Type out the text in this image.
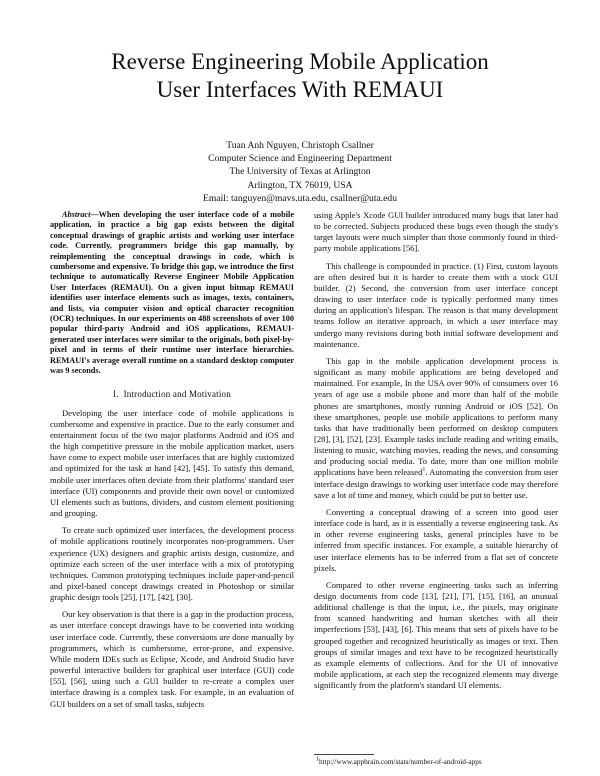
Reverse Engineering Mobile Application
User Interfaces With REMAUI
Tuan Anh Nguyen, Christoph Csallner
Computer Science and Engineering Department
The University of Texas at Arlington
Arlington, TX 76019, USA
Email: tanguyen@mavs.uta.edu, csallner@uta.edu

Abstract—When developing the user interface code of a mobile application, in practice a big gap exists between the digital conceptual drawings of graphic artists and working user interface code. Currently, programmers bridge this gap manually, by reimplementing the conceptual drawings in code, which is cumbersome and expensive. To bridge this gap, we introduce the first technique to automatically Reverse Engineer Mobile Application User Interfaces (REMAUI). On a given input bitmap REMAUI identifies user interface elements such as images, texts, containers, and lists, via computer vision and optical character recognition (OCR) techniques. In our experiments on 488 screenshots of over 100 popular third-party Android and iOS applications, REMAUI-generated user interfaces were similar to the originals, both pixel-by-pixel and in terms of their runtime user interface hierarchies. REMAUI's average overall runtime on a standard desktop computer was 9 seconds.

I. Introduction and Motivation

Developing the user interface code of mobile applications is cumbersome and expensive in practice. Due to the early consumer and entertainment focus of the two major platforms Android and iOS and the high competitive pressure in the mobile application market, users have come to expect mobile user interfaces that are highly customized and optimized for the task at hand [42], [45]. To satisfy this demand, mobile user interfaces often deviate from their platforms' standard user interface (UI) components and provide their own novel or customized UI elements such as buttons, dividers, and custom element positioning and grouping.

To create such optimized user interfaces, the development process of mobile applications routinely incorporates non-programmers. User experience (UX) designers and graphic artists design, customize, and optimize each screen of the user interface with a mix of prototyping techniques. Common prototyping techniques include paper-and-pencil and pixel-based concept drawings created in Photoshop or similar graphic design tools [25], [17], [42], [30].

Our key observation is that there is a gap in the production process, as user interface concept drawings have to be converted into working user interface code. Currently, these conversions are done manually by programmers, which is cumbersome, error-prone, and expensive. While modern IDEs such as Eclipse, Xcode, and Android Studio have powerful interactive builders for graphical user interface (GUI) code [55], [56], using such a GUI builder to re-create a complex user interface drawing is a complex task. For example, in an evaluation of GUI builders on a set of small tasks, subjects

using Apple's Xcode GUI builder introduced many bugs that later had to be corrected. Subjects produced these bugs even though the study's target layouts were much simpler than those commonly found in third-party mobile applications [56].

This challenge is compounded in practice. (1) First, custom layouts are often desired but it is harder to create them with a stock GUI builder. (2) Second, the conversion from user interface concept drawing to user interface code is typically performed many times during an application's lifespan. The reason is that many development teams follow an iterative approach, in which a user interface may undergo many revisions during both initial software development and maintenance.

This gap in the mobile application development process is significant as many mobile applications are being developed and maintained. For example, In the USA over 90% of consumers over 16 years of age use a mobile phone and more than half of the mobile phones are smartphones, mostly running Android or iOS [52]. On these smartphones, people use mobile applications to perform many tasks that have traditionally been performed on desktop computers [28], [3], [52], [23]. Example tasks include reading and writing emails, listening to music, watching movies, reading the news, and consuming and producing social media. To date, more than one million mobile applications have been released$^1$. Automating the conversion from user interface design drawings to working user interface code may therefore save a lot of time and money, which could be put to better use.

Converting a conceptual drawing of a screen into good user interface code is hard, as it is essentially a reverse engineering task. As in other reverse engineering tasks, general principles have to be inferred from specific instances. For example, a suitable hierarchy of user interface elements has to be inferred from a flat set of concrete pixels.

Compared to other reverse engineering tasks such as inferring design documents from code [13], [21], [7], [15], [16], an unusual additional challenge is that the input, i.e., the pixels, may originate from scanned handwriting and human sketches with all their imperfections [53], [43], [6]. This means that sets of pixels have to be grouped together and recognized heuristically as images or text. Then groups of similar images and text have to be recognized heuristically as example elements of collections. And for the UI of innovative mobile applications, at each step the recognized elements may diverge significantly from the platform's standard UI elements.

$^1$http://www.appbrain.com/stats/number-of-android-apps
